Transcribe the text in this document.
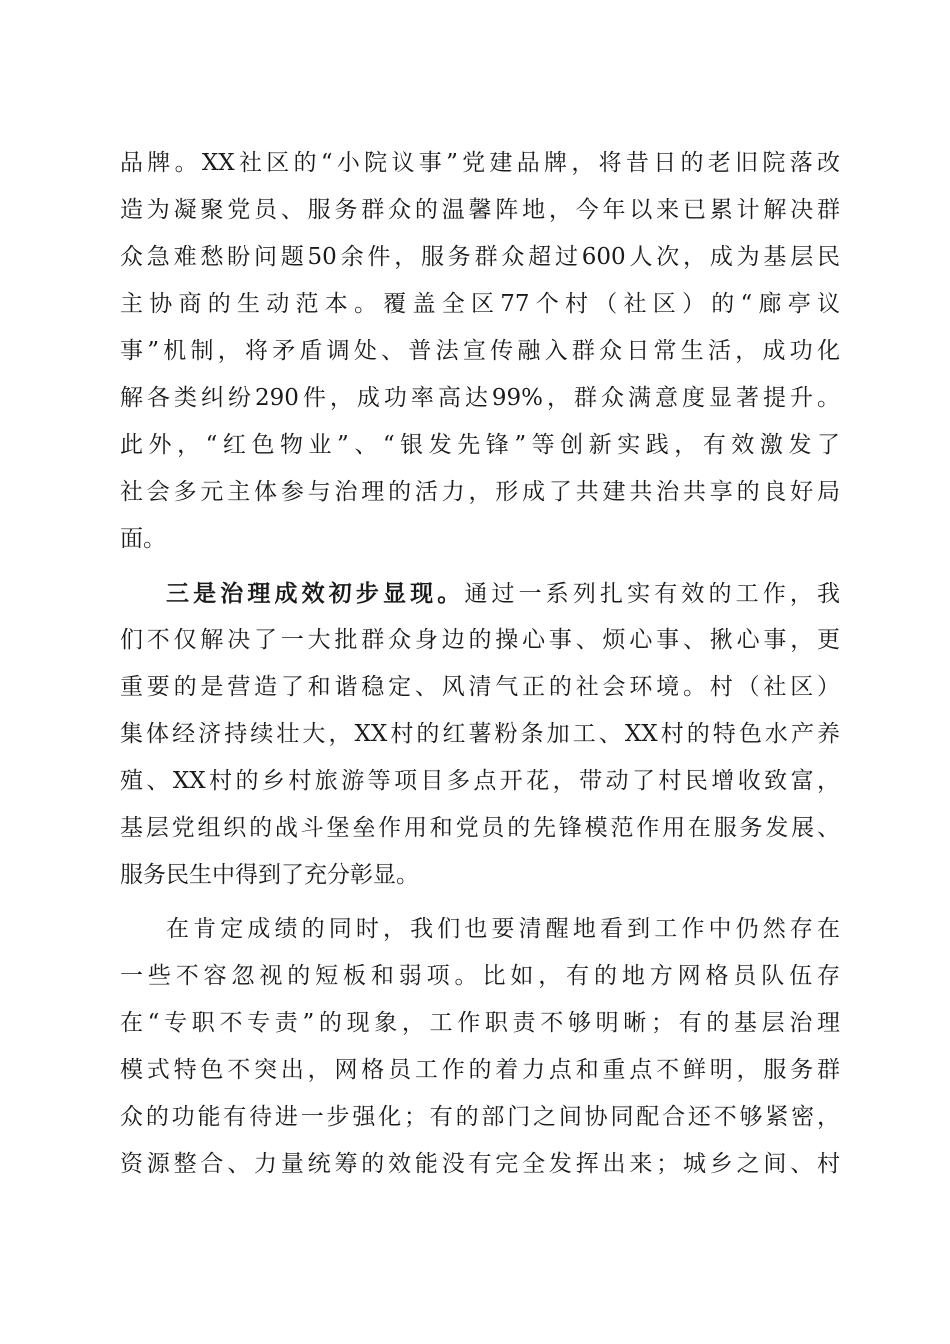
品牌。XX社区的“小院议事”党建品牌，将昔日的老旧院落改
造为凝聚党员、服务群众的温馨阵地，今年以来已累计解决群
众急难愁盼问题50余件，服务群众超过600人次，成为基层民
主协商的生动范本。覆盖全区77个村（社区）的“廊亭议
事”机制，将矛盾调处、普法宣传融入群众日常生活，成功化
解各类纠纷290件，成功率高达99%，群众满意度显著提升。
此外，“红色物业”、“银发先锋”等创新实践，有效激发了
社会多元主体参与治理的活力，形成了共建共治共享的良好局
面。
三是治理成效初步显现。通过一系列扎实有效的工作，我
们不仅解决了一大批群众身边的操心事、烦心事、揪心事，更
重要的是营造了和谐稳定、风清气正的社会环境。村（社区）
集体经济持续壮大，XX村的红薯粉条加工、XX村的特色水产养
殖、XX村的乡村旅游等项目多点开花，带动了村民增收致富，
基层党组织的战斗堡垒作用和党员的先锋模范作用在服务发展、
服务民生中得到了充分彰显。
在肯定成绩的同时，我们也要清醒地看到工作中仍然存在
一些不容忽视的短板和弱项。比如，有的地方网格员队伍存
在“专职不专责”的现象，工作职责不够明晰；有的基层治理
模式特色不突出，网格员工作的着力点和重点不鲜明，服务群
众的功能有待进一步强化；有的部门之间协同配合还不够紧密，
资源整合、力量统筹的效能没有完全发挥出来；城乡之间、村
